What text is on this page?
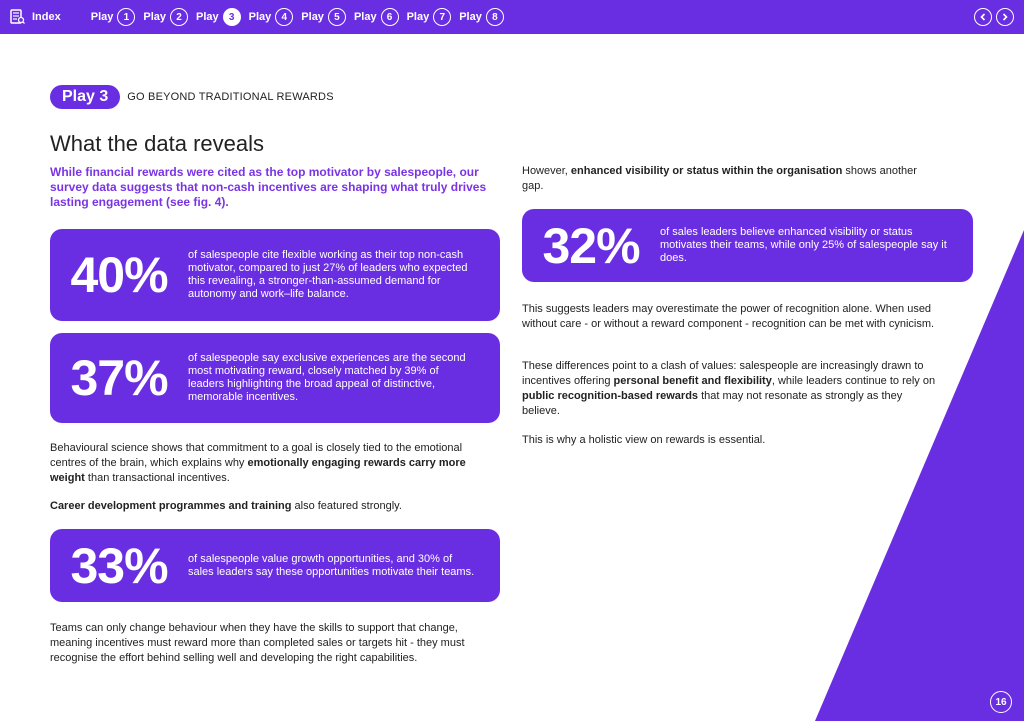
Index	Play	1	Play	2	Play	3	Play	4	Play	5	Play	6	Play	7	Play	8
Play 3	GO BEYOND TRADITIONAL REWARDS
What the data reveals

While financial rewards were cited as the top motivator by salespeople, our survey data suggests that non-cash incentives are shaping what truly drives lasting engagement (see fig. 4).

40%	of salespeople cite flexible working as their top non-cash motivator, compared to just 27% of leaders who expected this revealing, a stronger-than-assumed demand for autonomy and work–life balance.
37%	of salespeople say exclusive experiences are the second most motivating reward, closely matched by 39% of leaders highlighting the broad appeal of distinctive, memorable incentives.

Behavioural science shows that commitment to a goal is closely tied to the emotional centres of the brain, which explains why emotionally engaging rewards carry more weight than transactional incentives.

Career development programmes and training also featured strongly.

33%	of salespeople value growth opportunities, and 30% of sales leaders say these opportunities motivate their teams.

Teams can only change behaviour when they have the skills to support that change, meaning incentives must reward more than completed sales or targets hit - they must recognise the effort behind selling well and developing the right capabilities.

However, enhanced visibility or status within the organisation shows another gap.

32%	of sales leaders believe enhanced visibility or status motivates their teams, while only 25% of salespeople say it does.

This suggests leaders may overestimate the power of recognition alone. When used without care - or without a reward component - recognition can be met with cynicism.

These differences point to a clash of values: salespeople are increasingly drawn to incentives offering personal benefit and flexibility, while leaders continue to rely on public recognition-based rewards that may not resonate as strongly as they believe.

This is why a holistic view on rewards is essential.

16
